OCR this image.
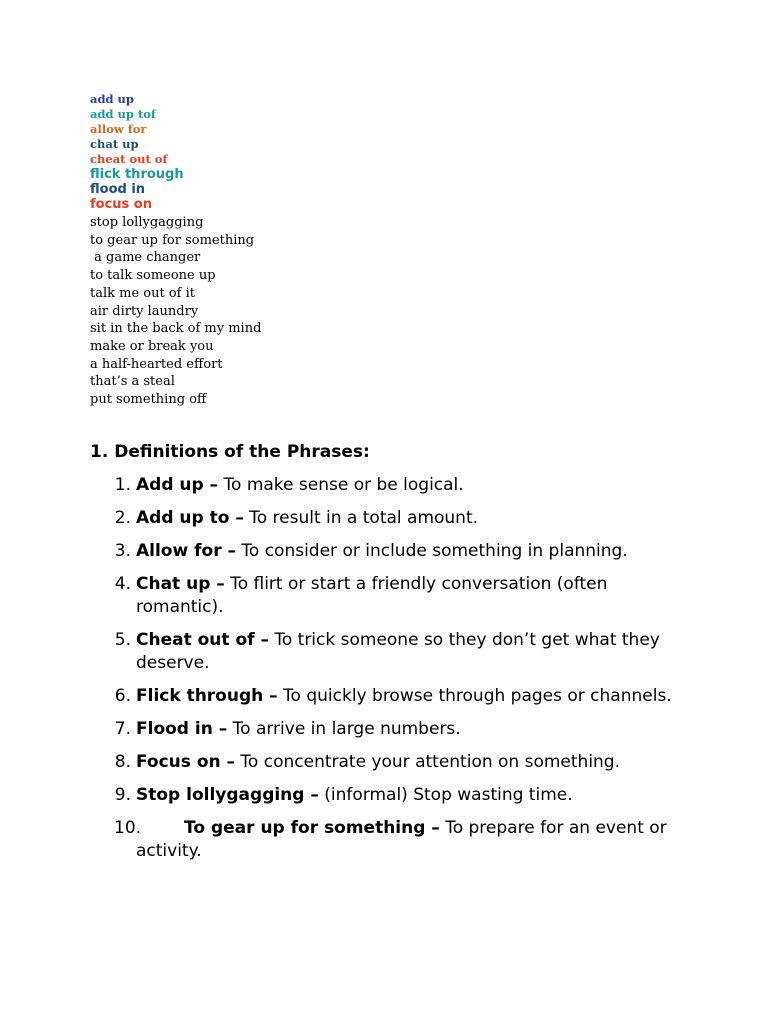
add up
add up tof
allow for
chat up
cheat out of
flick through
flood in
focus on
stop lollygagging
to gear up for something
a game changer
to talk someone up
talk me out of it
air dirty laundry
sit in the back of my mind
make or break you
a half-hearted effort
that’s a steal
put something off
1. Definitions of the Phrases:
1. Add up – To make sense or be logical.
2. Add up to – To result in a total amount.
3. Allow for – To consider or include something in planning.
4. Chat up – To flirt or start a friendly conversation (often romantic).
5. Cheat out of – To trick someone so they don’t get what they deserve.
6. Flick through – To quickly browse through pages or channels.
7. Flood in – To arrive in large numbers.
8. Focus on – To concentrate your attention on something.
9. Stop lollygagging – (informal) Stop wasting time.
10.	To gear up for something – To prepare for an event or activity.
